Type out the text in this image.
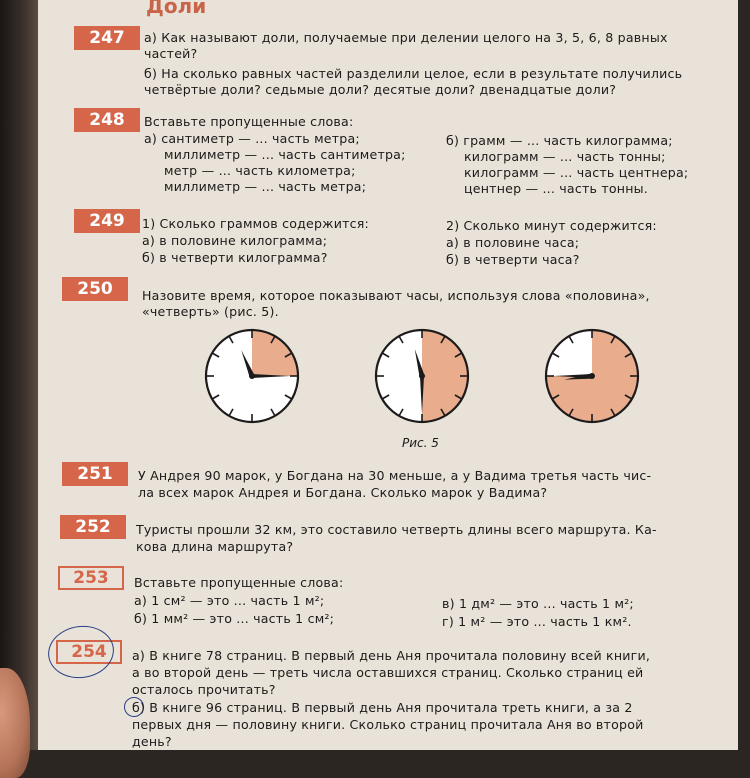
Доли
247	а) Как называют доли, получаемые при делении целого на 3, 5, 6, 8 равных
частей?
б) На сколько равных частей разделили целое, если в результате получились
четвёртые доли? седьмые доли? десятые доли? двенадцатые доли?
248	Вставьте пропущенные слова:
а) сантиметр — ... часть метра;
миллиметр — ... часть сантиметра;
метр — ... часть километра;
миллиметр — ... часть метра;
б) грамм — ... часть килограмма;
килограмм — ... часть тонны;
килограмм — ... часть центнера;
центнер — ... часть тонны.
249	1) Сколько граммов содержится:
а) в половине килограмма;
б) в четверти килограмма?
2) Сколько минут содержится:
а) в половине часа;
б) в четверти часа?
250	Назовите время, которое показывают часы, используя слова «половина»,
«четверть» (рис. 5).
Рис. 5
251	У Андрея 90 марок, у Богдана на 30 меньше, а у Вадима третья часть чис-
ла всех марок Андрея и Богдана. Сколько марок у Вадима?
252	Туристы прошли 32 км, это составило четверть длины всего маршрута. Ка-
кова длина маршрута?
253	Вставьте пропущенные слова:
а) 1 см² — это ... часть 1 м²;
б) 1 мм² — это ... часть 1 см²;
в) 1 дм² — это ... часть 1 м²;
г) 1 м² — это ... часть 1 км².
254	а) В книге 78 страниц. В первый день Аня прочитала половину всей книги,
а во второй день — треть числа оставшихся страниц. Сколько страниц ей
осталось прочитать?
б) В книге 96 страниц. В первый день Аня прочитала треть книги, а за 2
первых дня — половину книги. Сколько страниц прочитала Аня во второй
день?
